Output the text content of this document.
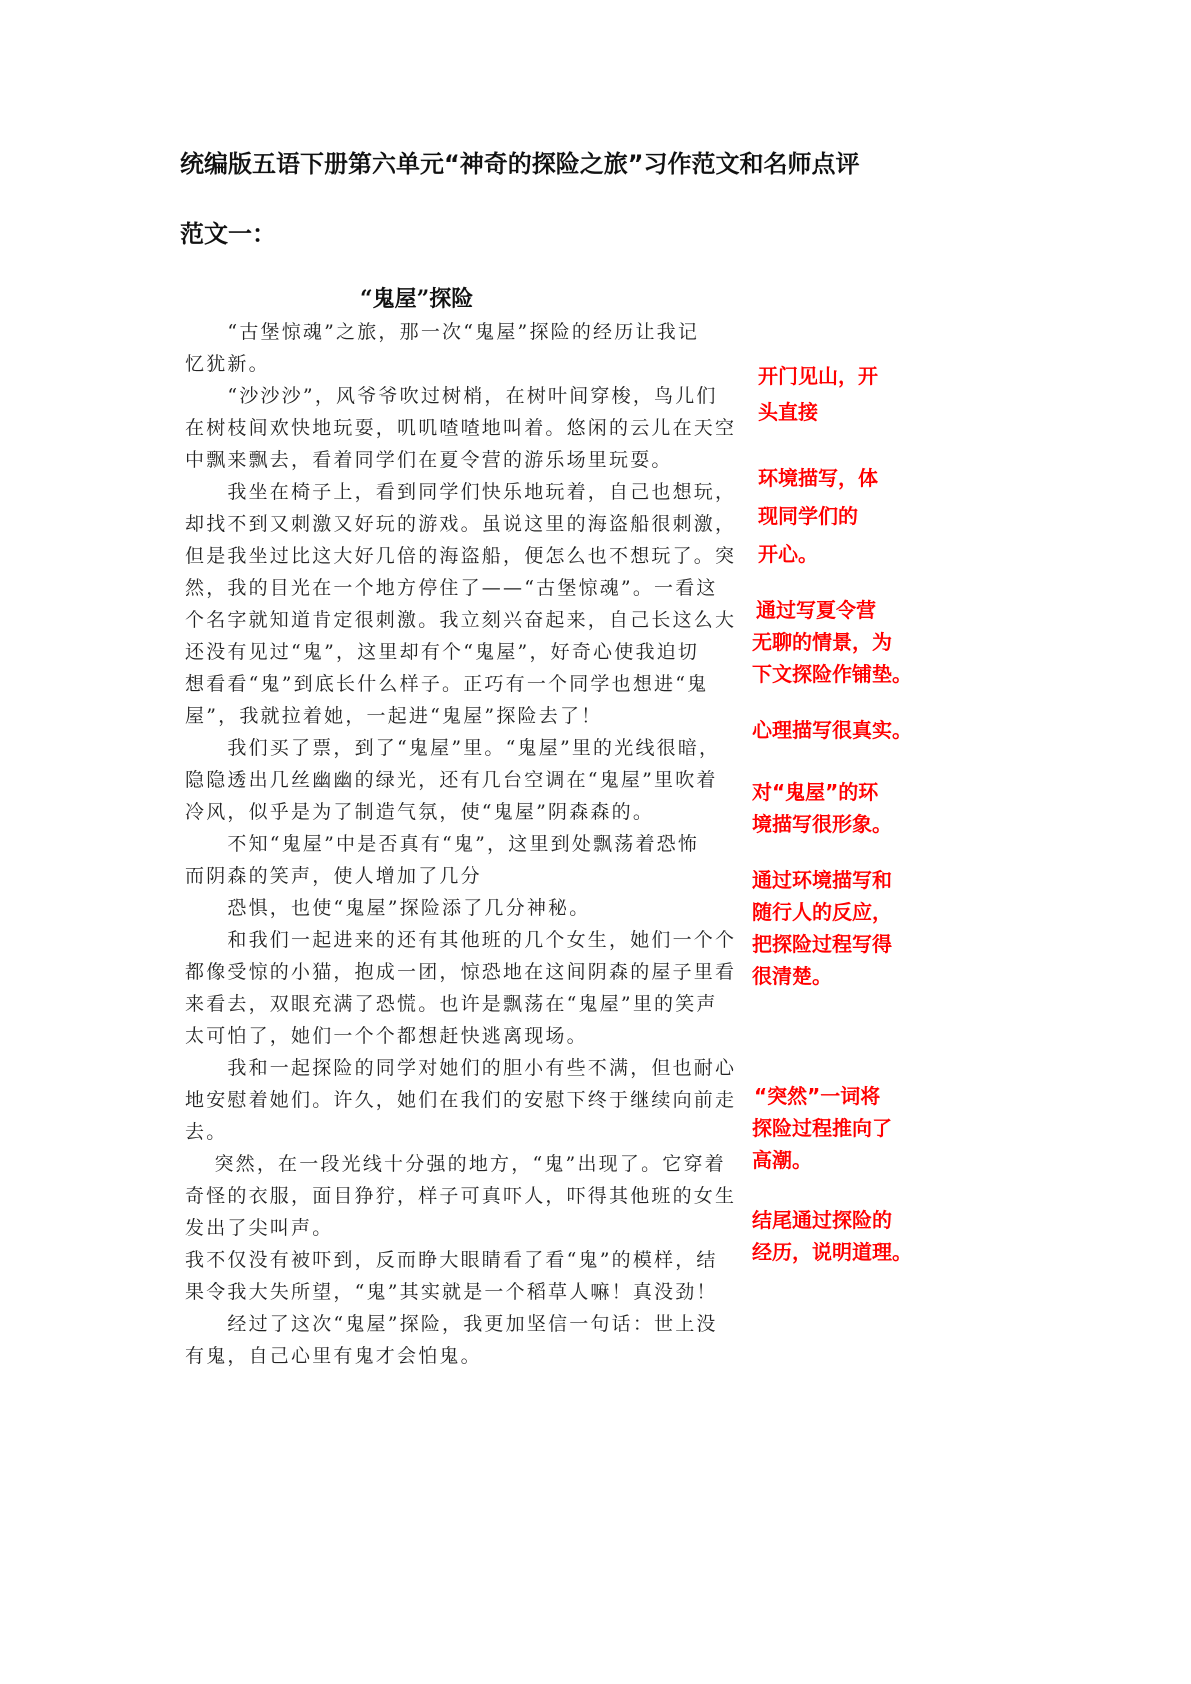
统编版五语下册第六单元“神奇的探险之旅”习作范文和名师点评
范文一：
“鬼屋”探险
　　“古堡惊魂”之旅，那一次“鬼屋”探险的经历让我记
忆犹新。
　　“沙沙沙”，风爷爷吹过树梢，在树叶间穿梭，鸟儿们
在树枝间欢快地玩耍，叽叽喳喳地叫着。悠闲的云儿在天空
中飘来飘去，看着同学们在夏令营的游乐场里玩耍。
　　我坐在椅子上，看到同学们快乐地玩着，自己也想玩，
却找不到又刺激又好玩的游戏。虽说这里的海盗船很刺激，
但是我坐过比这大好几倍的海盗船，便怎么也不想玩了。突
然，我的目光在一个地方停住了——“古堡惊魂”。一看这
个名字就知道肯定很刺激。我立刻兴奋起来，自己长这么大
还没有见过“鬼”，这里却有个“鬼屋”，好奇心使我迫切
想看看“鬼”到底长什么样子。正巧有一个同学也想进“鬼
屋”，我就拉着她，一起进“鬼屋”探险去了！
　　我们买了票，到了“鬼屋”里。“鬼屋”里的光线很暗，
隐隐透出几丝幽幽的绿光，还有几台空调在“鬼屋”里吹着
冷风，似乎是为了制造气氛，使“鬼屋”阴森森的。
　　不知“鬼屋”中是否真有“鬼”，这里到处飘荡着恐怖
而阴森的笑声，使人增加了几分
　　恐惧，也使“鬼屋”探险添了几分神秘。
　　和我们一起进来的还有其他班的几个女生，她们一个个
都像受惊的小猫，抱成一团，惊恐地在这间阴森的屋子里看
来看去，双眼充满了恐慌。也许是飘荡在“鬼屋”里的笑声
太可怕了，她们一个个都想赶快逃离现场。
　　我和一起探险的同学对她们的胆小有些不满，但也耐心
地安慰着她们。许久，她们在我们的安慰下终于继续向前走
去。
　 突然，在一段光线十分强的地方，“鬼”出现了。它穿着
奇怪的衣服，面目狰狞，样子可真吓人，吓得其他班的女生
发出了尖叫声。
我不仅没有被吓到，反而睁大眼睛看了看“鬼”的模样，结
果令我大失所望，“鬼”其实就是一个稻草人嘛！真没劲！
　　经过了这次“鬼屋”探险，我更加坚信一句话：世上没
有鬼，自己心里有鬼才会怕鬼。
开门见山，开
头直接
环境描写，体
现同学们的
开心。
通过写夏令营
无聊的情景，为
下文探险作铺垫。
心理描写很真实。
对“鬼屋”的环
境描写很形象。
通过环境描写和
随行人的反应，
把探险过程写得
很清楚。
“突然”一词将
探险过程推向了
高潮。
结尾通过探险的
经历，说明道理。
